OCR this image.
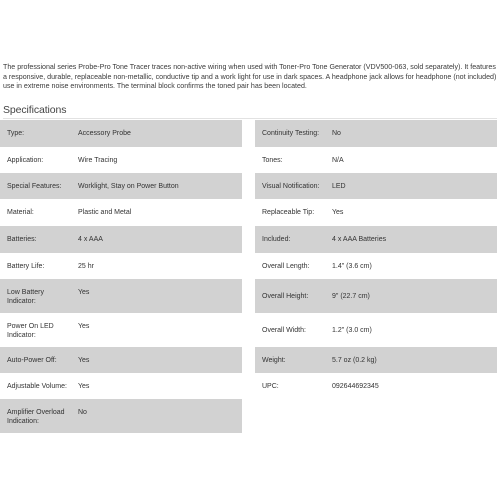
The professional series Probe-Pro Tone Tracer traces non-active wiring when used with Toner-Pro Tone Generator (VDV500-063, sold separately). It features a responsive, durable, replaceable non-metallic, conductive tip and a work light for use in dark spaces. A headphone jack allows for headphone (not included) use in extreme noise environments. The terminal block confirms the toned pair has been located.

Specifications
Type:	Accessory Probe
Application:	Wire Tracing
Special Features:	Worklight, Stay on Power Button
Material:	Plastic and Metal
Batteries:	4 x AAA
Battery Life:	25 hr
Low Battery Indicator:
Yes
Power On LED Indicator:
Yes
Auto-Power Off:	Yes
Adjustable Volume: Yes
Amplifier Overload Indication:
No
Continuity Testing:	No
Tones:	N/A
Visual Notification:	LED
Replaceable Tip:	Yes
Included:	4 x AAA Batteries
Overall Length:	1.4" (3.6 cm)
Overall Height:	9" (22.7 cm)
Overall Width:	1.2" (3.0 cm)
Weight:	5.7 oz (0.2 kg)
UPC:	092644692345
